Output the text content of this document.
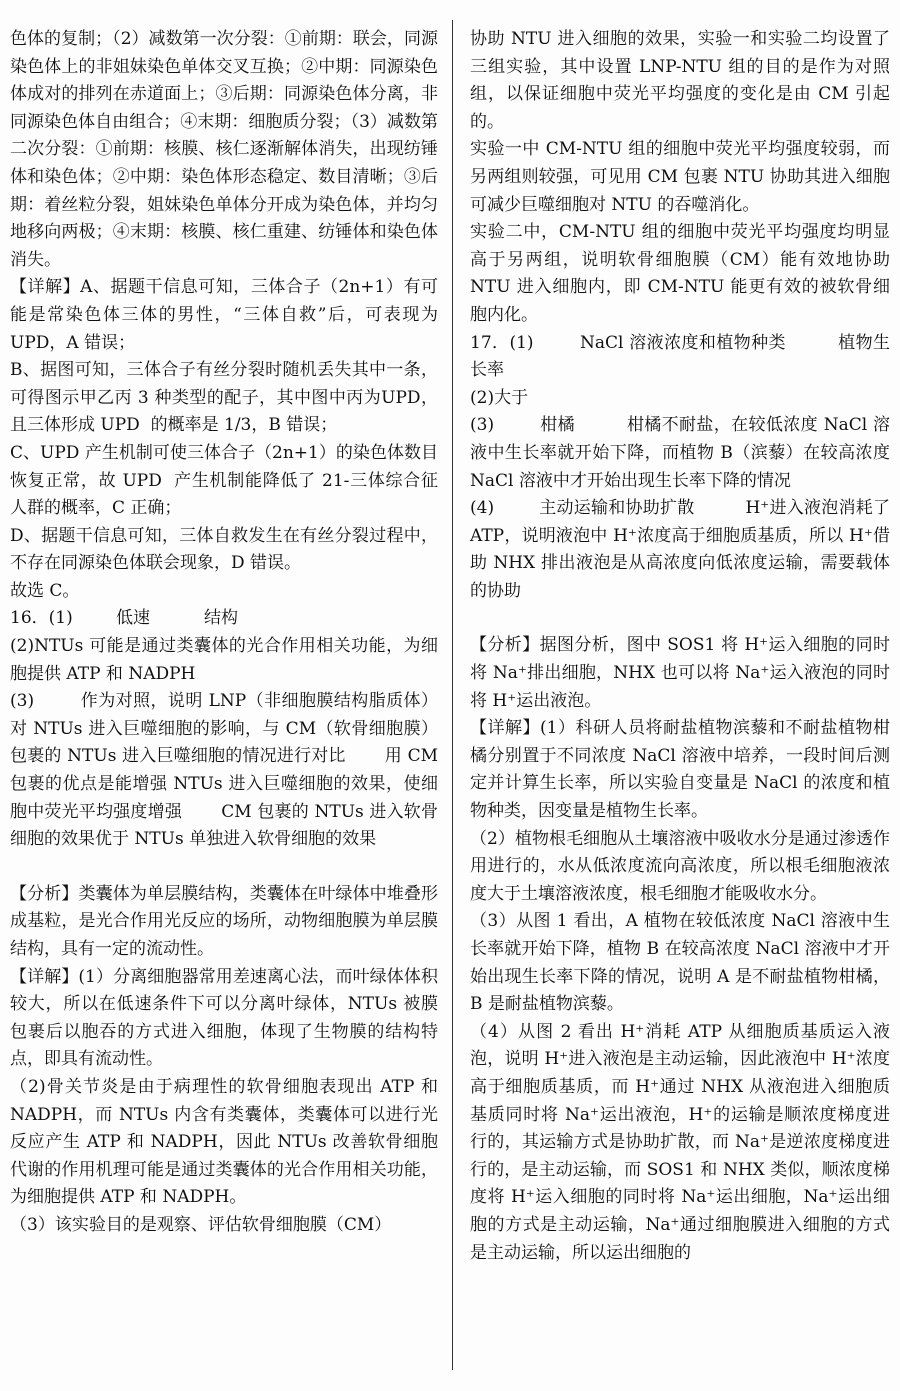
色体的复制；（2）减数第一次分裂：①前期：联会，同源染色体上的非姐妹染色单体交叉互换；②中期：同源染色体成对的排列在赤道面上；③后期：同源染色体分离，非同源染色体自由组合；④末期：细胞质分裂；（3）减数第二次分裂：①前期：核膜、核仁逐渐解体消失，出现纺锤体和染色体；②中期：染色体形态稳定、数目清晰；③后期：着丝粒分裂，姐妹染色单体分开成为染色体，并均匀地移向两极；④末期：核膜、核仁重建、纺锤体和染色体消失。

【详解】A、据题干信息可知，三体合子（2n+1）有可能是常染色体三体的男性，“三体自救”后，可表现为UPD，A 错误；

B、据图可知，三体合子有丝分裂时随机丢失其中一条，可得图示甲乙丙 3 种类型的配子，其中图中丙为UPD，  且三体形成 UPD  的概率是 1/3，B 错误；

C、UPD 产生机制可使三体合子（2n+1）的染色体数目恢复正常，故 UPD  产生机制能降低了 21-三体综合征人群的概率，C 正确；

D、据题干信息可知，三体自救发生在有丝分裂过程中，不存在同源染色体联会现象，D 错误。

故选 C。

16．(1)        低速          结构

(2)NTUs 可能是通过类囊体的光合作用相关功能，为细胞提供 ATP 和 NADPH

(3)        作为对照，说明 LNP（非细胞膜结构脂质体）对 NTUs 进入巨噬细胞的影响，与 CM（软骨细胞膜）包裹的 NTUs 进入巨噬细胞的情况进行对比       用 CM 包裹的优点是能增强 NTUs 进入巨噬细胞的效果，使细胞中荧光平均强度增强       CM 包裹的 NTUs 进入软骨细胞的效果优于 NTUs 单独进入软骨细胞的效果

【分析】类囊体为单层膜结构，类囊体在叶绿体中堆叠形成基粒，是光合作用光反应的场所，动物细胞膜为单层膜结构，具有一定的流动性。

【详解】(1）分离细胞器常用差速离心法，而叶绿体体积较大，所以在低速条件下可以分离叶绿体，NTUs 被膜包裹后以胞吞的方式进入细胞，体现了生物膜的结构特点，即具有流动性。

（2)骨关节炎是由于病理性的软骨细胞表现出 ATP 和 NADPH，而 NTUs 内含有类囊体，类囊体可以进行光反应产生 ATP 和 NADPH，因此 NTUs 改善软骨细胞代谢的作用机理可能是通过类囊体的光合作用相关功能，为细胞提供 ATP 和 NADPH。

（3）该实验目的是观察、评估软骨细胞膜（CM）

协助 NTU 进入细胞的效果，实验一和实验二均设置了三组实验，其中设置 LNP-NTU 组的目的是作为对照组，以保证细胞中荧光平均强度的变化是由 CM 引起的。

实验一中 CM-NTU 组的细胞中荧光平均强度较弱，而另两组则较强，可见用 CM 包裹 NTU 协助其进入细胞可减少巨噬细胞对 NTU 的吞噬消化。

实验二中，CM-NTU 组的细胞中荧光平均强度均明显高于另两组，说明软骨细胞膜（CM）能有效地协助 NTU 进入细胞内，即 CM-NTU 能更有效的被软骨细胞内化。

17．(1)        NaCl 溶液浓度和植物种类         植物生长率

(2)大于

(3)        柑橘         柑橘不耐盐，在较低浓度 NaCl 溶液中生长率就开始下降，而植物 B（滨藜）在较高浓度 NaCl 溶液中才开始出现生长率下降的情况

(4)        主动运输和协助扩散         H⁺进入液泡消耗了 ATP，说明液泡中 H⁺浓度高于细胞质基质，所以 H⁺借助 NHX 排出液泡是从高浓度向低浓度运输，需要载体的协助

【分析】据图分析，图中 SOS1 将 H⁺运入细胞的同时将 Na⁺排出细胞，NHX 也可以将 Na⁺运入液泡的同时将 H⁺运出液泡。

【详解】(1）科研人员将耐盐植物滨藜和不耐盐植物柑橘分别置于不同浓度 NaCl 溶液中培养，一段时间后测定并计算生长率，所以实验自变量是 NaCl 的浓度和植物种类，因变量是植物生长率。

（2）植物根毛细胞从土壤溶液中吸收水分是通过渗透作用进行的，水从低浓度流向高浓度，所以根毛细胞液浓度大于土壤溶液浓度，根毛细胞才能吸收水分。

（3）从图 1 看出，A 植物在较低浓度 NaCl 溶液中生长率就开始下降，植物 B 在较高浓度 NaCl 溶液中才开始出现生长率下降的情况，说明 A 是不耐盐植物柑橘，B 是耐盐植物滨藜。

（4）从图 2 看出 H⁺消耗 ATP 从细胞质基质运入液泡，说明 H⁺进入液泡是主动运输，因此液泡中 H⁺浓度高于细胞质基质，而 H⁺通过 NHX 从液泡进入细胞质基质同时将 Na⁺运出液泡，H⁺的运输是顺浓度梯度进行的，其运输方式是协助扩散，而 Na⁺是逆浓度梯度进行的，是主动运输，而 SOS1 和 NHX 类似，顺浓度梯度将 H⁺运入细胞的同时将 Na⁺运出细胞，Na⁺运出细胞的方式是主动运输，Na⁺通过细胞膜进入细胞的方式是主动运输，所以运出细胞的
